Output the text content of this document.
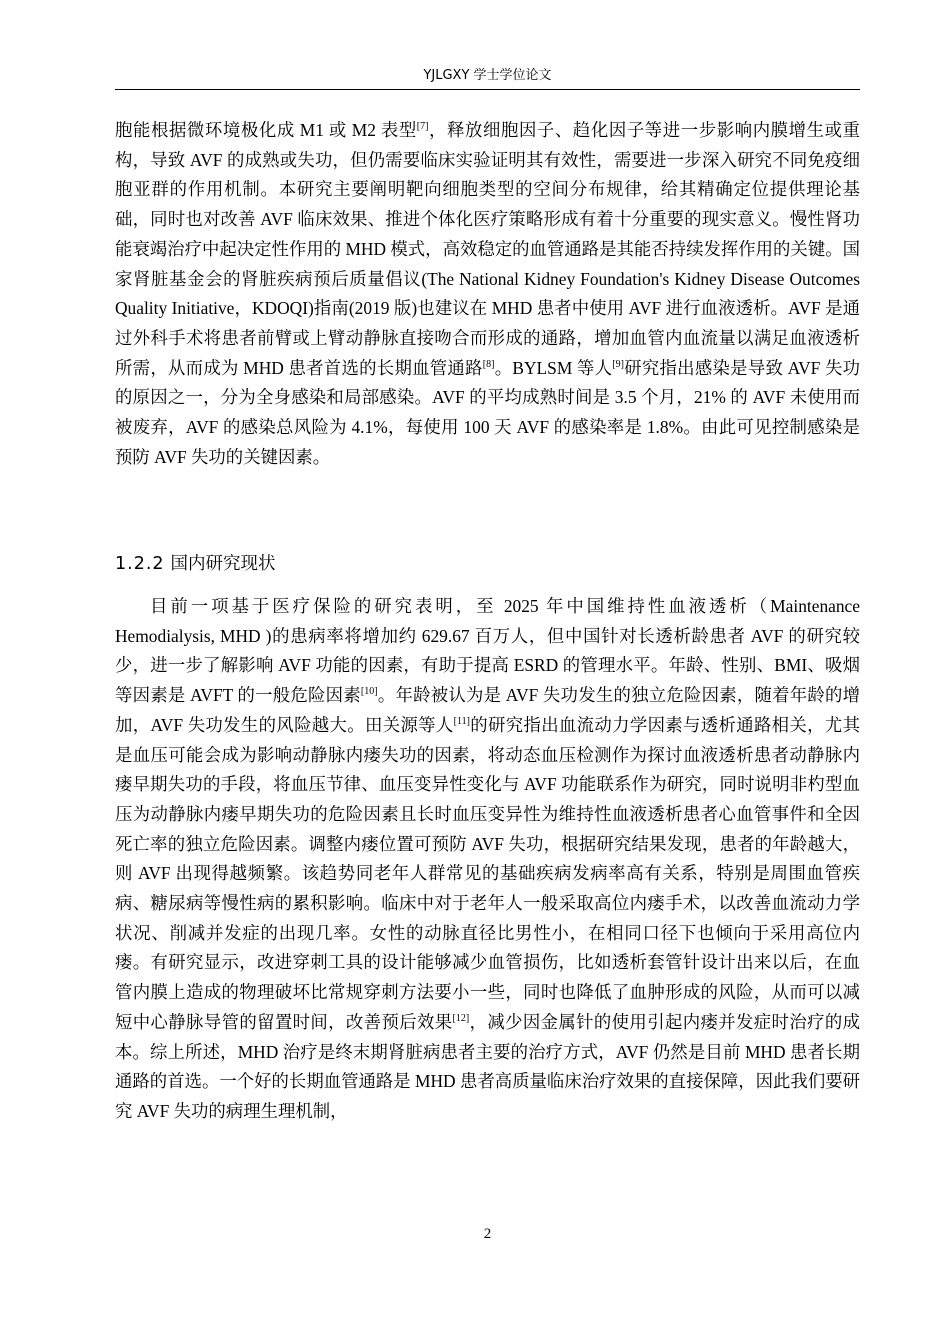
YJLGXY 学士学位论文

胞能根据微环境极化成 M1 或 M2 表型[7]，释放细胞因子、趋化因子等进一步影响内膜增生或重构，导致 AVF 的成熟或失功，但仍需要临床实验证明其有效性，需要进一步深入研究不同免疫细胞亚群的作用机制。本研究主要阐明靶向细胞类型的空间分布规律，给其精确定位提供理论基础，同时也对改善 AVF 临床效果、推进个体化医疗策略形成有着十分重要的现实意义。慢性肾功能衰竭治疗中起决定性作用的 MHD 模式，高效稳定的血管通路是其能否持续发挥作用的关键。国家肾脏基金会的肾脏疾病预后质量倡议(The National Kidney Foundation's Kidney Disease Outcomes Quality Initiative，KDOQI)指南(2019 版)也建议在 MHD 患者中使用 AVF 进行血液透析。AVF 是通过外科手术将患者前臂或上臂动静脉直接吻合而形成的通路，增加血管内血流量以满足血液透析所需，从而成为 MHD 患者首选的长期血管通路[8]。BYLSM 等人[9]研究指出感染是导致 AVF 失功的原因之一，分为全身感染和局部感染。AVF 的平均成熟时间是 3.5 个月，21% 的 AVF 未使用而被废弃，AVF 的感染总风险为 4.1%，每使用 100 天 AVF 的感染率是 1.8%。由此可见控制感染是预防 AVF 失功的关键因素。

1.2.2 国内研究现状

目前一项基于医疗保险的研究表明，至 2025 年中国维持性血液透析（Maintenance Hemodialysis, MHD )的患病率将增加约 629.67 百万人，但中国针对长透析龄患者 AVF 的研究较少，进一步了解影响 AVF 功能的因素，有助于提高 ESRD 的管理水平。年龄、性别、BMI、吸烟等因素是 AVFT 的一般危险因素[10]。年龄被认为是 AVF 失功发生的独立危险因素，随着年龄的增加，AVF 失功发生的风险越大。田关源等人[11]的研究指出血流动力学因素与透析通路相关，尤其是血压可能会成为影响动静脉内瘘失功的因素，将动态血压检测作为探讨血液透析患者动静脉内瘘早期失功的手段，将血压节律、血压变异性变化与 AVF 功能联系作为研究，同时说明非杓型血压为动静脉内瘘早期失功的危险因素且长时血压变异性为维持性血液透析患者心血管事件和全因死亡率的独立危险因素。调整内瘘位置可预防 AVF 失功，根据研究结果发现，患者的年龄越大，则 AVF 出现得越频繁。该趋势同老年人群常见的基础疾病发病率高有关系，特别是周围血管疾病、糖尿病等慢性病的累积影响。临床中对于老年人一般采取高位内瘘手术，以改善血流动力学状况、削减并发症的出现几率。女性的动脉直径比男性小，在相同口径下也倾向于采用高位内瘘。有研究显示，改进穿刺工具的设计能够减少血管损伤，比如透析套管针设计出来以后，在血管内膜上造成的物理破坏比常规穿刺方法要小一些，同时也降低了血肿形成的风险，从而可以减短中心静脉导管的留置时间，改善预后效果[12]，减少因金属针的使用引起内瘘并发症时治疗的成本。综上所述，MHD 治疗是终末期肾脏病患者主要的治疗方式，AVF 仍然是目前 MHD 患者长期通路的首选。一个好的长期血管通路是 MHD 患者高质量临床治疗效果的直接保障，因此我们要研究 AVF 失功的病理生理机制，

2
